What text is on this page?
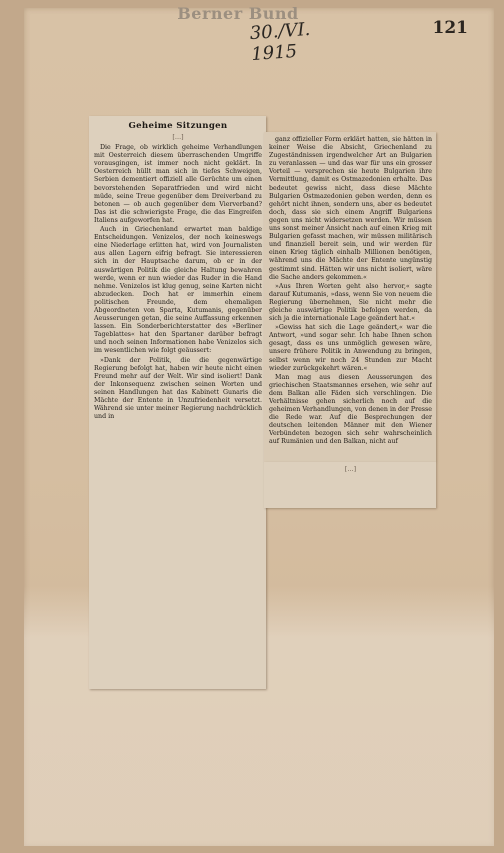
Berner Bund
30./VI. 1915
121
Geheime Sitzungen

[…]

Die Frage, ob wirklich geheime Verhandlungen mit Oesterreich diesem überraschenden Umgriffe vorausgingen, ist immer noch nicht geklärt. In Oesterreich hüllt man sich in tiefes Schweigen, Serbien dementiert offiziell alle Gerüchte um einen bevorstehenden Separatfrieden und wird nicht müde, seine Treue gegenüber dem Dreiverband zu betonen — ob auch gegenüber dem Vierverband? Das ist die schwierigste Frage, die das Eingreifen Italiens aufgeworfen hat.

Auch in Griechenland erwartet man baldige Entscheidungen. Venizelos, der noch keineswegs eine Niederlage erlitten hat, wird von Journalisten aus allen Lagern eifrig befragt. Sie interessieren sich in der Hauptsache darum, ob er in der auswärtigen Politik die gleiche Haltung bewahren werde, wenn er nun wieder das Ruder in die Hand nehme. Venizelos ist klug genug, seine Karten nicht abzudecken. Doch hat er immerhin einem politischen Freunde, dem ehemaligen Abgeordneten von Sparta, Kutumanis, gegenüber Aeusserungen getan, die seine Auffassung erkennen lassen. Ein Sonderberichterstatter des »Berliner Tageblattes« hat den Spartaner darüber befragt und noch seinen Informationen habe Venizelos sich im wesentlichen wie folgt geäussert:

»Dank der Politik, die die gegenwärtige Regierung befolgt hat, haben wir heute nicht einen Freund mehr auf der Welt. Wir sind isoliert! Dank der Inkonsequenz zwischen seinen Worten und seinen Handlungen hat das Kabinett Gunaris die Mächte der Entente in Unzufriedenheit versetzt. Während sie unter meiner Regierung nachdrücklich und in

ganz offizieller Form erklärt hatten, sie hätten in keiner Weise die Absicht, Griechenland zu Zugeständnissen irgendwelcher Art an Bulgarien zu veranlassen — und das war für uns ein grosser Vorteil — versprechen sie heute Bulgarien ihre Vermittlung, damit es Ostmazedonien erhalte. Das bedeutet gewiss nicht, dass diese Mächte Bulgarien Ostmazedonien geben werden, denn es gehört nicht ihnen, sondern uns, aber es bedeutet doch, dass sie sich einem Angriff Bulgariens gegen uns nicht widersetzen werden. Wir müssen uns sonst meiner Ansicht nach auf einen Krieg mit Bulgarien gefasst machen, wir müssen militärisch und finanziell bereit sein, und wir werden für einen Krieg täglich einhalb Millionen benötigen, während uns die Mächte der Entente ungünstig gestimmt sind. Hätten wir uns nicht isoliert, wäre die Sache anders gekommen.«

»Aus Ihren Worten geht also hervor,« sagte darauf Kutumanis, »dass, wenn Sie von neuem die Regierung übernehmen, Sie nicht mehr die gleiche auswärtige Politik befolgen werden, da sich ja die internationale Lage geändert hat.«

»Gewiss hat sich die Lage geändert,« war die Antwort, »und sogar sehr. Ich habe Ihnen schon gesagt, dass es uns unmöglich gewesen wäre, unsere frühere Politik in Anwendung zu bringen, selbst wenn wir noch 24 Stunden zur Macht wieder zurückgekehrt wären.«

Man mag aus diesen Aeusserungen des griechischen Staatsmannes ersehen, wie sehr auf dem Balkan alle Fäden sich verschlingen. Die Verhältnisse gehen sicherlich noch auf die geheimen Verhandlungen, von denen in der Presse die Rede war. Auf die Besprechungen der deutschen leitenden Männer mit den Wiener Verbündeten bezogen sich sehr wahrscheinlich auf Rumänien und den Balkan, nicht auf

[…]
